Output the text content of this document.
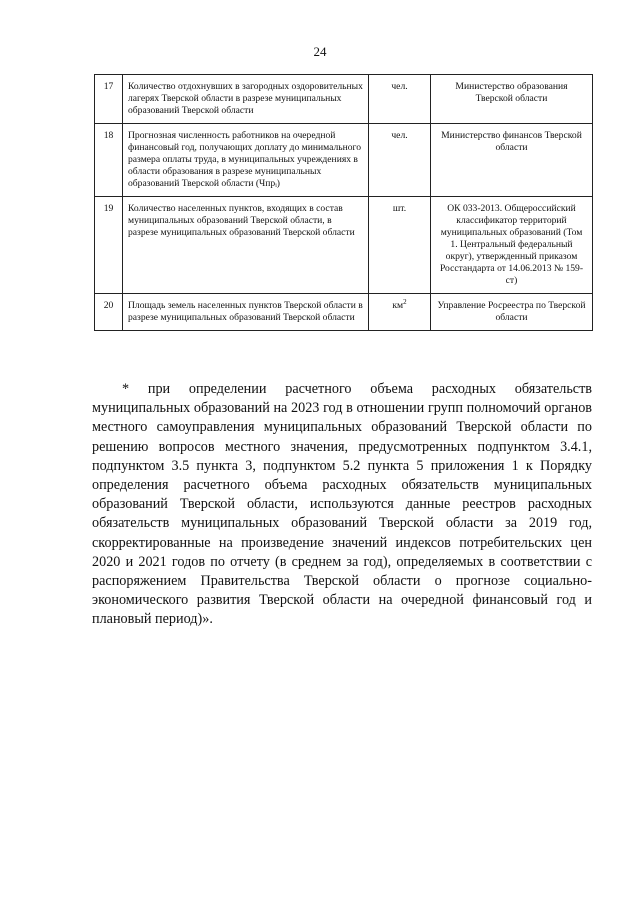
24
17	Количество отдохнувших в загородных оздоровительных лагерях Тверской области в разрезе муниципальных образований Тверской области	чел.	Министерство образования Тверской области
18	Прогнозная численность работников на очередной финансовый год, получающих доплату до минимального размера оплаты труда, в муниципальных учреждениях в области образования в разрезе муниципальных образований Тверской области (Чпрᵢ)	чел.	Министерство финансов Тверской области
19	Количество населенных пунктов, входящих в состав муниципальных образований Тверской области, в разрезе муниципальных образований Тверской области	шт.	ОК 033-2013. Общероссийский классификатор территорий муниципальных образований (Том 1. Центральный федеральный округ), утвержденный приказом Росстандарта от 14.06.2013 № 159-ст)
20	Площадь земель населенных пунктов Тверской области в разрезе муниципальных образований Тверской области	$км^2$	Управление Росреестра по Тверской области

* при определении расчетного объема расходных обязательств муниципальных образований на 2023 год в отношении групп полномочий органов местного самоуправления муниципальных образований Тверской области по решению вопросов местного значения, предусмотренных подпунктом 3.4.1, подпунктом 3.5 пункта 3, подпунктом 5.2 пункта 5 приложения 1 к Порядку определения расчетного объема расходных обязательств муниципальных образований Тверской области, используются данные реестров расходных обязательств муниципальных образований Тверской области за 2019 год, скорректированные на произведение значений индексов потребительских цен 2020 и 2021 годов по отчету (в среднем за год), определяемых в соответствии с распоряжением Правительства Тверской области о прогнозе социально-экономического развития Тверской области на очередной финансовый год и плановый период)».
